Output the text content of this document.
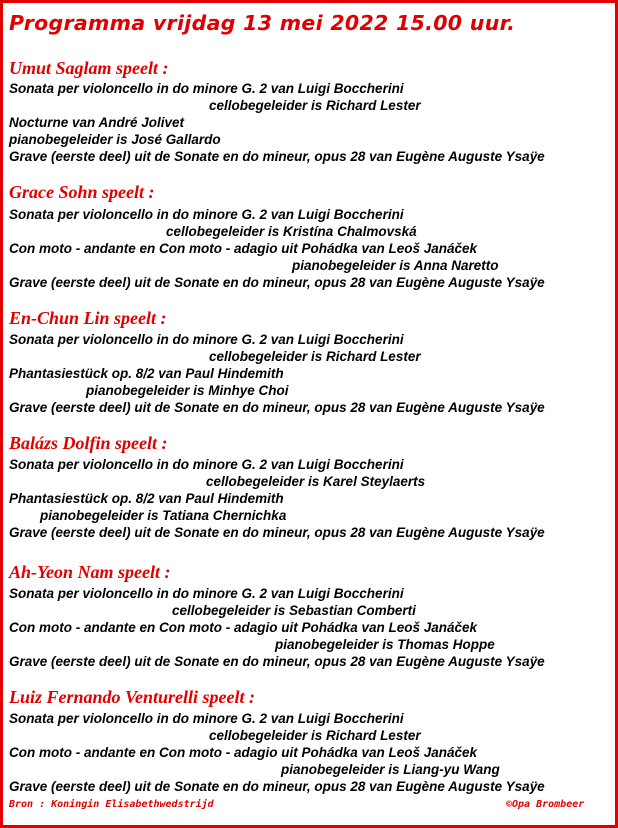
Programma vrijdag 13 mei 2022 15.00 uur.
Umut Saglam speelt :
Sonata per violoncello in do minore G. 2 van Luigi Boccherini
cellobegeleider is Richard Lester
Nocturne van André Jolivet
pianobegeleider is José Gallardo
Grave (eerste deel) uit de Sonate en do mineur, opus 28 van Eugène Auguste Ysaÿe
Grace Sohn speelt :
Sonata per violoncello in do minore G. 2 van Luigi Boccherini
cellobegeleider is Kristína Chalmovská
Con moto - andante en Con moto - adagio uit Pohádka van Leoš Janáček
pianobegeleider is Anna Naretto
Grave (eerste deel) uit de Sonate en do mineur, opus 28 van Eugène Auguste Ysaÿe
En-Chun Lin speelt :
Sonata per violoncello in do minore G. 2 van Luigi Boccherini
cellobegeleider is Richard Lester
Phantasiestück op. 8/2 van Paul Hindemith
pianobegeleider is Minhye Choi
Grave (eerste deel) uit de Sonate en do mineur, opus 28 van Eugène Auguste Ysaÿe
Balázs Dolfin speelt :
Sonata per violoncello in do minore G. 2 van Luigi Boccherini
cellobegeleider is Karel Steylaerts
Phantasiestück op. 8/2 van Paul Hindemith
pianobegeleider is Tatiana Chernichka
Grave (eerste deel) uit de Sonate en do mineur, opus 28 van Eugène Auguste Ysaÿe
Ah-Yeon Nam speelt :
Sonata per violoncello in do minore G. 2 van Luigi Boccherini
cellobegeleider is Sebastian Comberti
Con moto - andante en Con moto - adagio uit Pohádka van Leoš Janáček
pianobegeleider is Thomas Hoppe
Grave (eerste deel) uit de Sonate en do mineur, opus 28 van Eugène Auguste Ysaÿe
Luiz Fernando Venturelli speelt :
Sonata per violoncello in do minore G. 2 van Luigi Boccherini
cellobegeleider is Richard Lester
Con moto - andante en Con moto - adagio uit Pohádka van Leoš Janáček
pianobegeleider is Liang-yu Wang
Grave (eerste deel) uit de Sonate en do mineur, opus 28 van Eugène Auguste Ysaÿe
Bron : Koningin Elisabethwedstrijd	©Opa Brombeer
